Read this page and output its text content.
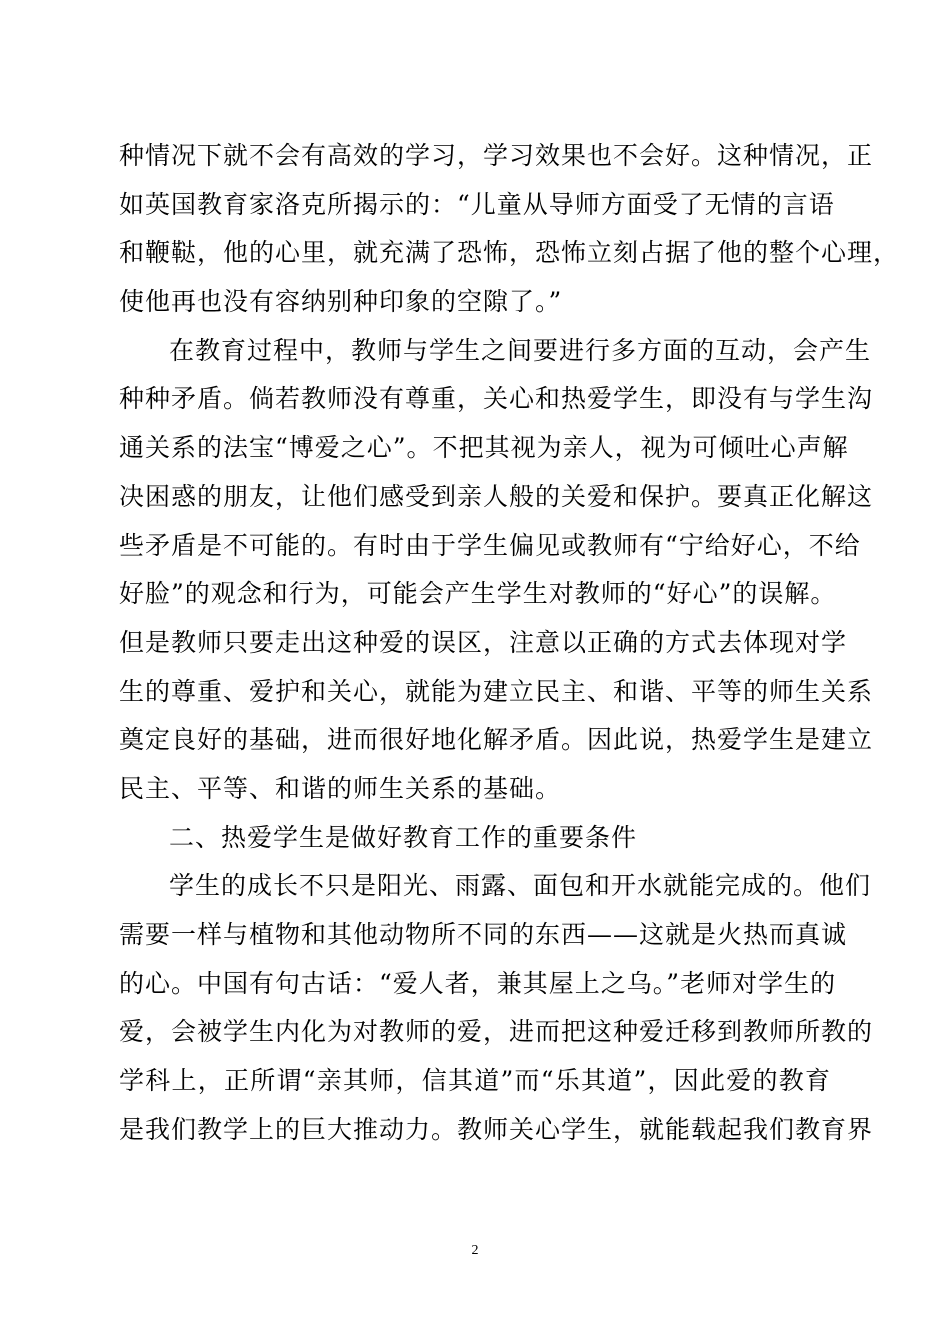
种情况下就不会有高效的学习，学习效果也不会好。这种情况，正
如英国教育家洛克所揭示的：“儿童从导师方面受了无情的言语
和鞭鞑，他的心里，就充满了恐怖，恐怖立刻占据了他的整个心理，
使他再也没有容纳别种印象的空隙了。”
在教育过程中，教师与学生之间要进行多方面的互动，会产生
种种矛盾。倘若教师没有尊重，关心和热爱学生，即没有与学生沟
通关系的法宝“博爱之心”。不把其视为亲人，视为可倾吐心声解
决困惑的朋友，让他们感受到亲人般的关爱和保护。要真正化解这
些矛盾是不可能的。有时由于学生偏见或教师有“宁给好心，不给
好脸”的观念和行为，可能会产生学生对教师的“好心”的误解。
但是教师只要走出这种爱的误区，注意以正确的方式去体现对学
生的尊重、爱护和关心，就能为建立民主、和谐、平等的师生关系
奠定良好的基础，进而很好地化解矛盾。因此说，热爱学生是建立
民主、平等、和谐的师生关系的基础。
二、热爱学生是做好教育工作的重要条件
学生的成长不只是阳光、雨露、面包和开水就能完成的。他们
需要一样与植物和其他动物所不同的东西——这就是火热而真诚
的心。中国有句古话：“爱人者，兼其屋上之乌。”老师对学生的
爱，会被学生内化为对教师的爱，进而把这种爱迁移到教师所教的
学科上，正所谓“亲其师，信其道”而“乐其道”，因此爱的教育
是我们教学上的巨大推动力。教师关心学生，就能载起我们教育界
2
